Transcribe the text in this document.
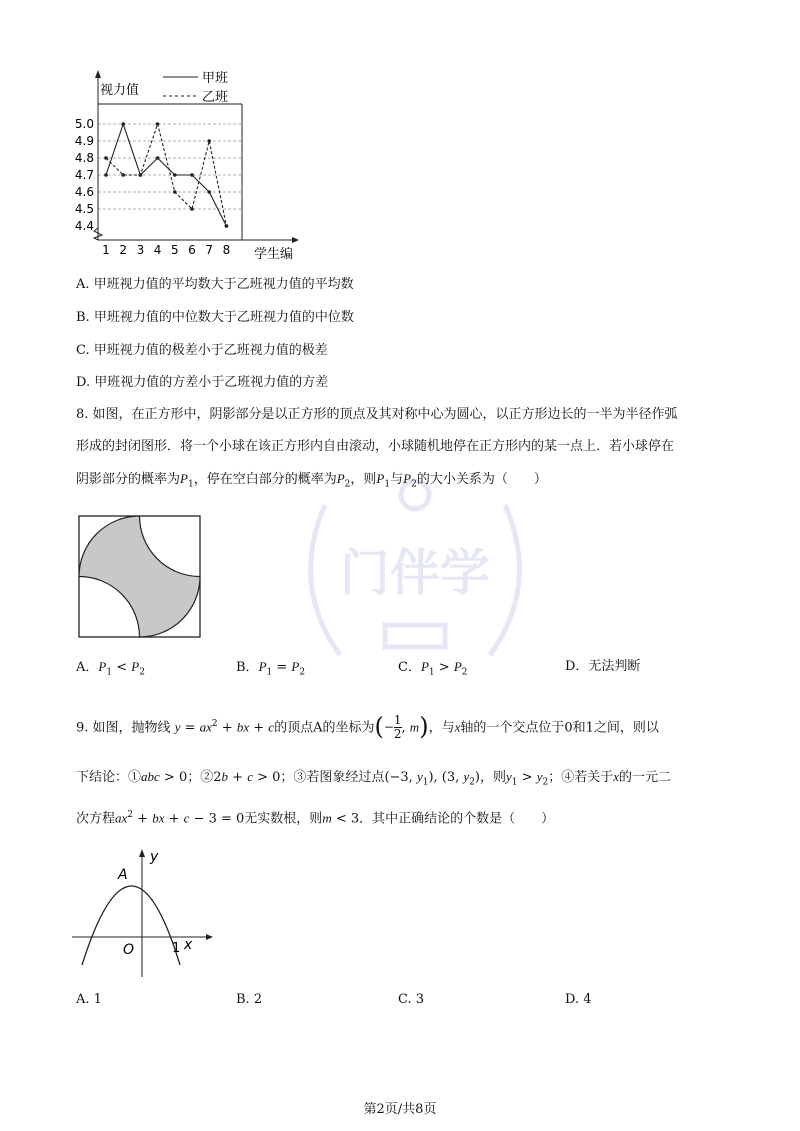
门伴学
4.4
4.5
4.6
4.7
4.8
4.9
5.0
1 2 3 4 5 6 7 8
视力值
学生编
甲班
乙班
A. 甲班视力值的平均数大于乙班视力值的平均数
B. 甲班视力值的中位数大于乙班视力值的中位数
C. 甲班视力值的极差小于乙班视力值的极差
D. 甲班视力值的方差小于乙班视力值的方差
8. 如图，在正方形中，阴影部分是以正方形的顶点及其对称中心为圆心，以正方形边长的一半为半径作弧
形成的封闭图形．将一个小球在该正方形内自由滚动，小球随机地停在正方形内的某一点上．若小球停在
阴影部分的概率为$P_1$，停在空白部分的概率为$P_2$，则$P_1$与$P_2$的大小关系为（　　）
A．$P_1 < P_2$	B．$P_1 = P_2$	C．$P_1 > P_2$	D．无法判断
9. 如图，抛物线 $y = ax^2$ + bx + c的顶点A的坐标为(− $\frac{1}{2}$ , m)，与x轴的一个交点位于0和1之间，则以
下结论：①abc > 0；②2b + c > 0；③若图象经过点(−3, $y_1$), (3, $y_2$)，则$y_1 > y_2$；④若关于x的一元二
次方程$ax^2$ + bx + c − 3 = 0无实数根，则m < 3．其中正确结论的个数是（　　）
A
O	1 x
y
A. 1	B. 2	C. 3	D. 4
第2页/共8页
